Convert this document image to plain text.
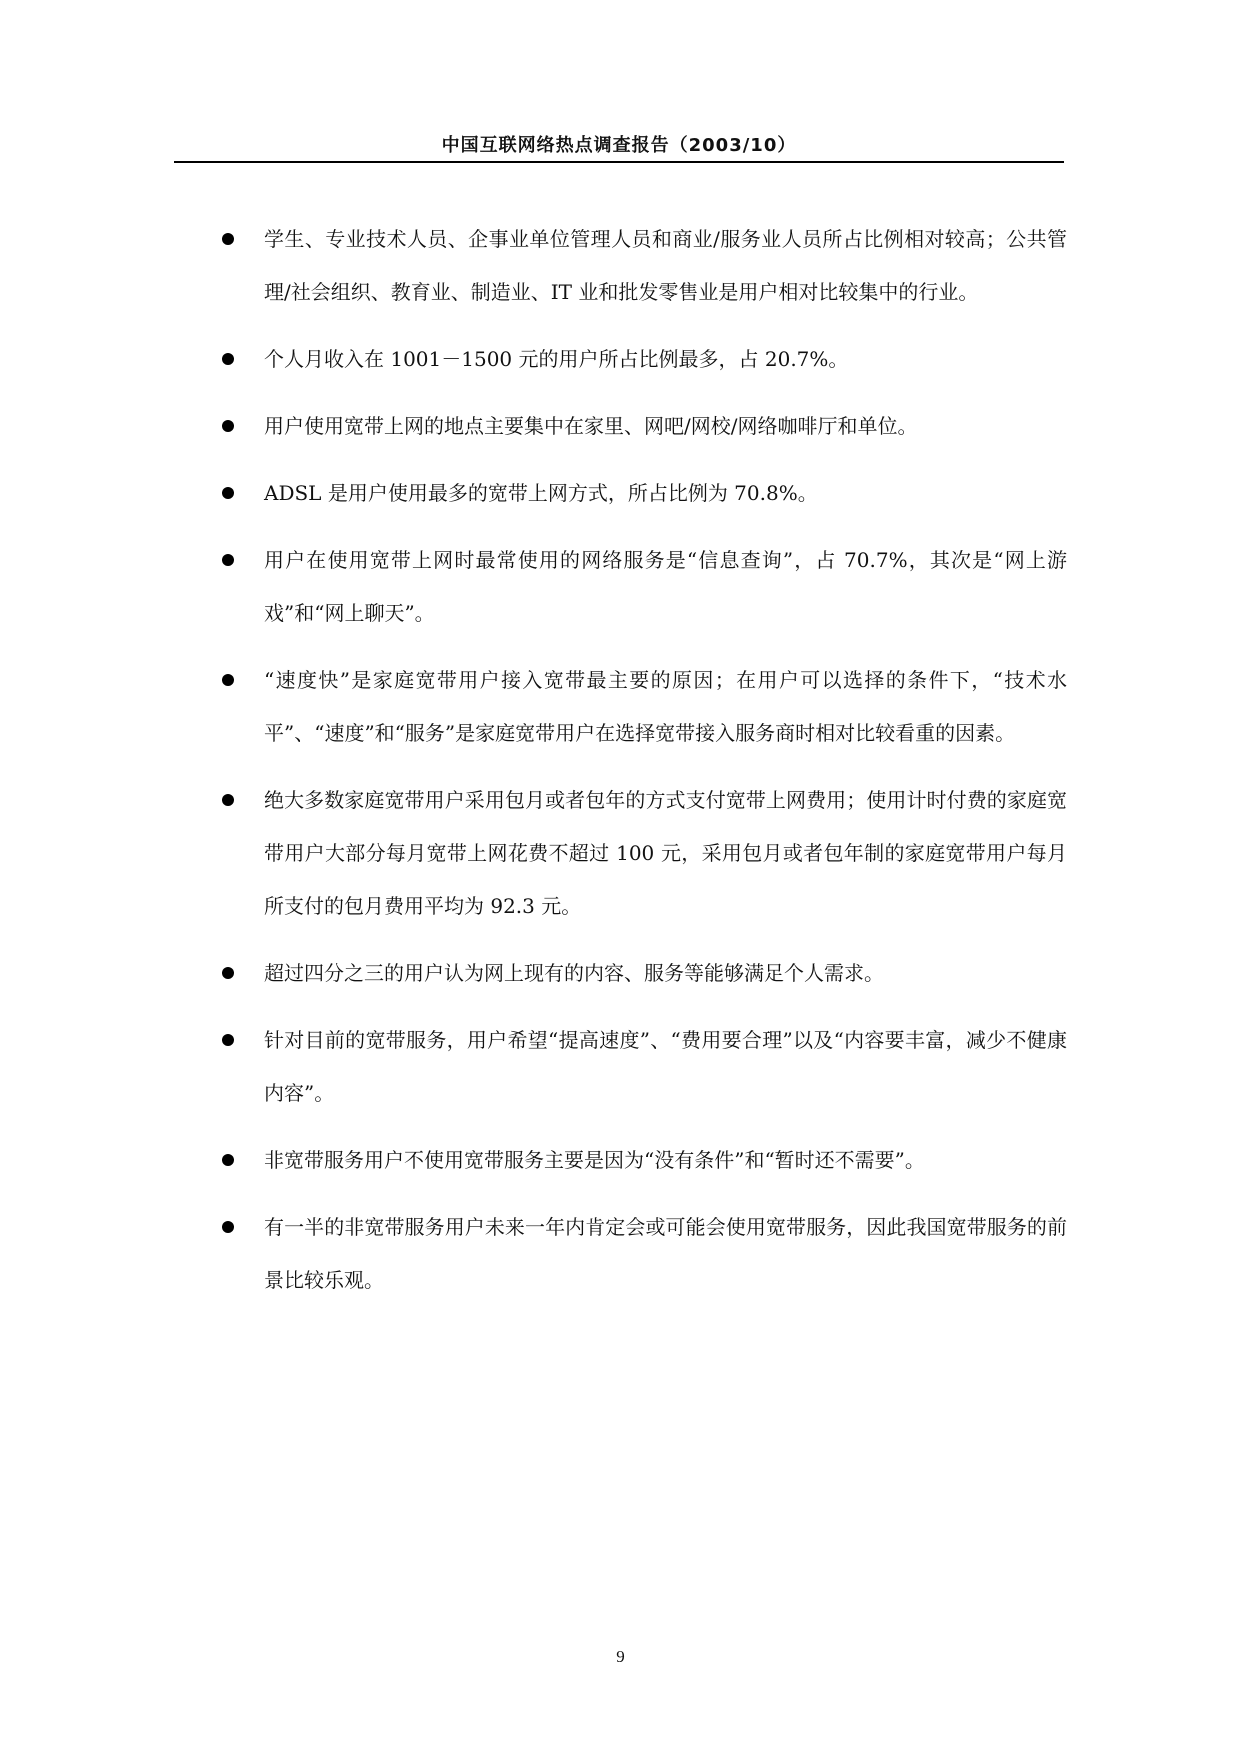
中国互联网络热点调查报告（2003/10）
学生、专业技术人员、企事业单位管理人员和商业/服务业人员所占比例相对较高；公共管理/社会组织、教育业、制造业、IT 业和批发零售业是用户相对比较集中的行业。
个人月收入在 1001－1500 元的用户所占比例最多，占 20.7%。
用户使用宽带上网的地点主要集中在家里、网吧/网校/网络咖啡厅和单位。
ADSL 是用户使用最多的宽带上网方式，所占比例为 70.8%。
用户在使用宽带上网时最常使用的网络服务是“信息查询”，占 70.7%，其次是“网上游戏”和“网上聊天”。
“速度快”是家庭宽带用户接入宽带最主要的原因；在用户可以选择的条件下，“技术水平”、“速度”和“服务”是家庭宽带用户在选择宽带接入服务商时相对比较看重的因素。
绝大多数家庭宽带用户采用包月或者包年的方式支付宽带上网费用；使用计时付费的家庭宽带用户大部分每月宽带上网花费不超过 100 元，采用包月或者包年制的家庭宽带用户每月所支付的包月费用平均为 92.3 元。
超过四分之三的用户认为网上现有的内容、服务等能够满足个人需求。
针对目前的宽带服务，用户希望“提高速度”、“费用要合理”以及“内容要丰富，减少不健康内容”。
非宽带服务用户不使用宽带服务主要是因为“没有条件”和“暂时还不需要”。
有一半的非宽带服务用户未来一年内肯定会或可能会使用宽带服务，因此我国宽带服务的前景比较乐观。
9
